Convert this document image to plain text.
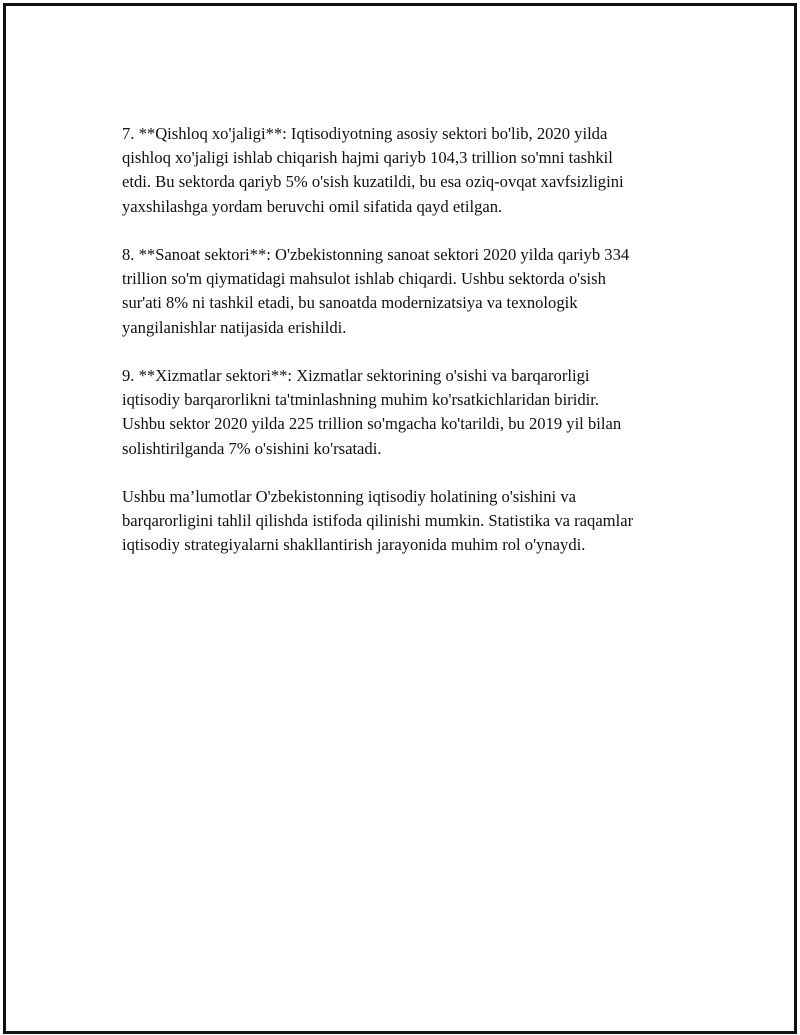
7. **Qishloq xo'jaligi**: Iqtisodiyotning asosiy sektori bo'lib, 2020 yilda
qishloq xo'jaligi ishlab chiqarish hajmi qariyb 104,3 trillion so'mni tashkil
etdi. Bu sektorda qariyb 5% o'sish kuzatildi, bu esa oziq-ovqat xavfsizligini
yaxshilashga yordam beruvchi omil sifatida qayd etilgan.

8. **Sanoat sektori**: O'zbekistonning sanoat sektori 2020 yilda qariyb 334
trillion so'm qiymatidagi mahsulot ishlab chiqardi. Ushbu sektorda o'sish
sur'ati 8% ni tashkil etadi, bu sanoatda modernizatsiya va texnologik
yangilanishlar natijasida erishildi.

9. **Xizmatlar sektori**: Xizmatlar sektorining o'sishi va barqarorligi
iqtisodiy barqarorlikni ta'tminlashning muhim ko'rsatkichlaridan biridir.
Ushbu sektor 2020 yilda 225 trillion so'mgacha ko'tarildi, bu 2019 yil bilan
solishtirilganda 7% o'sishini ko'rsatadi.

Ushbu ma’lumotlar O'zbekistonning iqtisodiy holatining o'sishini va
barqarorligini tahlil qilishda istifoda qilinishi mumkin. Statistika va raqamlar
iqtisodiy strategiyalarni shakllantirish jarayonida muhim rol o'ynaydi.
